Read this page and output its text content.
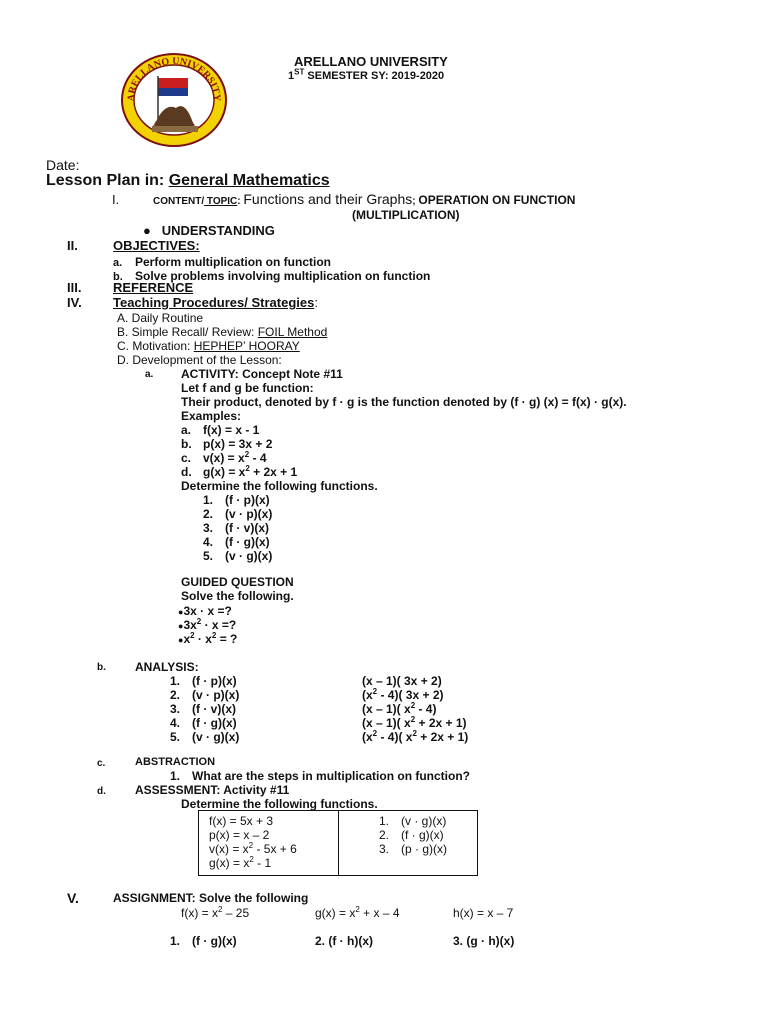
ARELLANO UNIVERSITY
ARELLANO UNIVERSITY
1ST SEMESTER SY: 2019-2020
Date:
Lesson Plan in: General Mathematics
I.	CONTENT/ TOPIC: Functions and their Graphs; OPERATION ON FUNCTION
(MULTIPLICATION)
●   UNDERSTANDING
II.	OBJECTIVES:
a. Perform multiplication on function
b. Solve problems involving multiplication on function
III. REFERENCE
IV. Teaching Procedures/ Strategies:
A. Daily Routine
B. Simple Recall/ Review: FOIL Method
C. Motivation: HEPHEP’ HOORAY
D. Development of the Lesson:
a. ACTIVITY: Concept Note #11
Let f and g be function:
Their product, denoted by f · g is the function denoted by (f · g) (x) = f(x) · g(x).
Examples:
a. f(x) = x - 1
b. p(x) = 3x + 2
c. $v(x) = x^2 - 4$
d. $g(x) = x^2 + 2x + 1$
Determine the following functions.
1. (f · p)(x)
2. (v · p)(x)
3. (f · v)(x)
4. (f · g)(x)
5. (v · g)(x)
GUIDED QUESTION
Solve the following.
●3x · x =?
$●3x^2 \cdot x$ =?
$●x^2 \cdot x^2$ = ?
b. ANALYSIS:
1. (f · p)(x)	(x – 1)( 3x + 2)
2. (v · p)(x)	$(x^2 - 4)$( 3x + 2)
3. (f · v)(x)	(x – 1)( $x^2 - 4$)
4. (f · g)(x)	(x – 1)( $x^2 + 2x + 1$)
5. (v · g)(x)	$(x^2 - 4)$( $x^2 + 2x + 1$)
c.	ABSTRACTION
1. What are the steps in multiplication on function?
d. ASSESSMENT: Activity #11
Determine the following functions.
f(x) = 5x + 3
p(x) = x – 2
$v(x) = x^2 - 5x + 6$
$g(x) = x^2 - 1$
1. (v · g)(x)
2. (f · g)(x)
3. (p · g)(x)
V.	ASSIGNMENT: Solve the following
$f(x) = x^2 - 25$	$g(x) = x^2 + x - 4$	h(x) = x – 7
1. (f · g)(x)	2. (f · h)(x)	3. (g · h)(x)
